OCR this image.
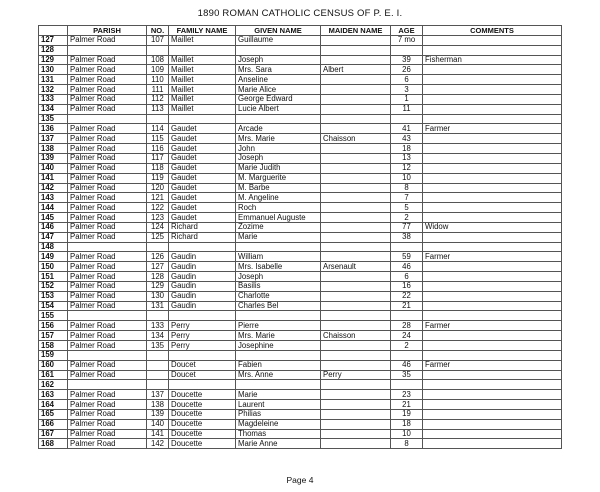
1890 ROMAN CATHOLIC CENSUS OF P. E. I.
	PARISH	NO.	FAMILY NAME	GIVEN NAME	MAIDEN NAME	AGE	COMMENTS
127	Palmer Road	107	Maillet	Guillaume		7 mo	
128							
129	Palmer Road	108	Maillet	Joseph		39	Fisherman
130	Palmer Road	109	Maillet	Mrs. Sara	Albert	26	
131	Palmer Road	110	Maillet	Anseline		6	
132	Palmer Road	111	Maillet	Marie Alice		3	
133	Palmer Road	112	Maillet	George Edward		1	
134	Palmer Road	113	Maillet	Lucie Albert		11	
135							
136	Palmer Road	114	Gaudet	Arcade		41	Farmer
137	Palmer Road	115	Gaudet	Mrs. Marie	Chaisson	43	
138	Palmer Road	116	Gaudet	John		18	
139	Palmer Road	117	Gaudet	Joseph		13	
140	Palmer Road	118	Gaudet	Marie Judith		12	
141	Palmer Road	119	Gaudet	M. Marguerite		10	
142	Palmer Road	120	Gaudet	M. Barbe		8	
143	Palmer Road	121	Gaudet	M. Angeline		7	
144	Palmer Road	122	Gaudet	Roch		5	
145	Palmer Road	123	Gaudet	Emmanuel Auguste		2	
146	Palmer Road	124	Richard	Zozime		77	Widow
147	Palmer Road	125	Richard	Marie		38	
148							
149	Palmer Road	126	Gaudin	William		59	Farmer
150	Palmer Road	127	Gaudin	Mrs. Isabelle	Arsenault	46	
151	Palmer Road	128	Gaudin	Joseph		6	
152	Palmer Road	129	Gaudin	Basilis		16	
153	Palmer Road	130	Gaudin	Charlotte		22	
154	Palmer Road	131	Gaudin	Charles Bel		21	
155							
156	Palmer Road	133	Perry	Pierre		28	Farmer
157	Palmer Road	134	Perry	Mrs. Marie	Chaisson	24	
158	Palmer Road	135	Perry	Josephine		2	
159							
160	Palmer Road		Doucet	Fabien		46	Farmer
161	Palmer Road		Doucet	Mrs. Anne	Perry	35	
162							
163	Palmer Road	137	Doucette	Marie		23	
164	Palmer Road	138	Doucette	Laurent		21	
165	Palmer Road	139	Doucette	Philias		19	
166	Palmer Road	140	Doucette	Magdeleine		18	
167	Palmer Road	141	Doucette	Thomas		10	
168	Palmer Road	142	Doucette	Marie Anne		8	
Page 4
